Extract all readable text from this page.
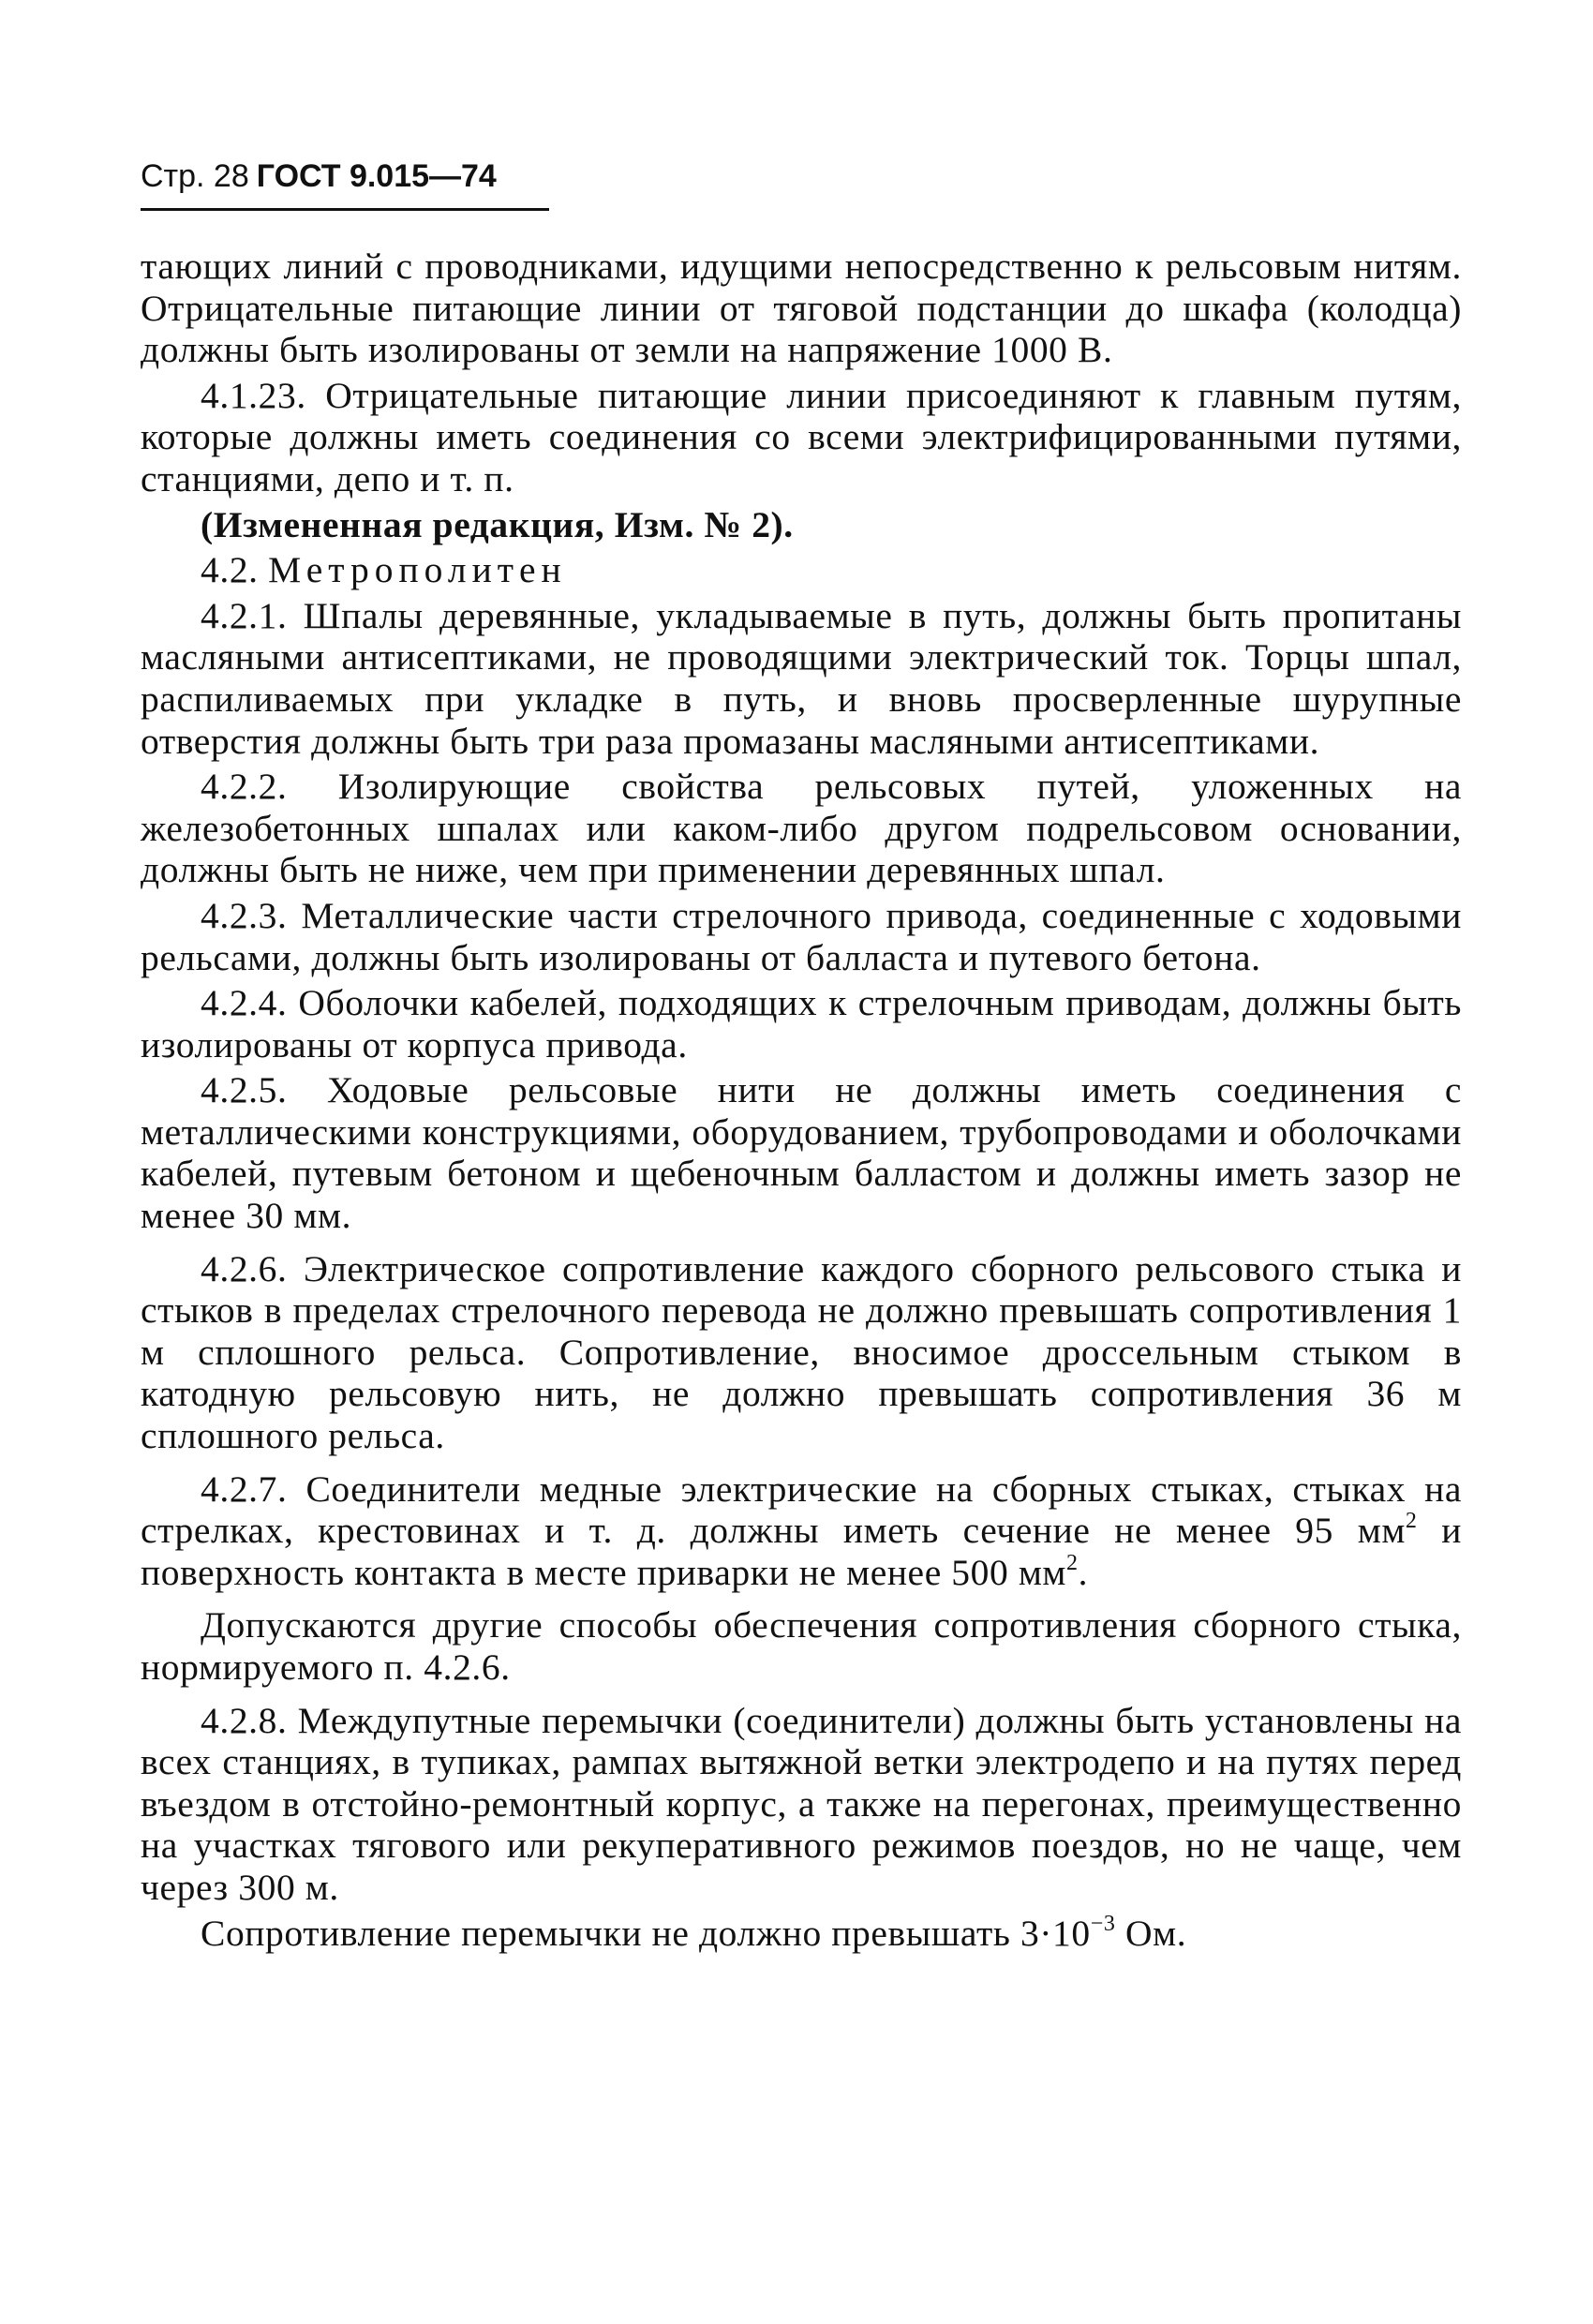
Стр. 28 ГОСТ 9.015—74

тающих линий с проводниками, идущими непосредственно к рельсовым нитям. Отрицательные питающие линии от тяговой подстанции до шкафа (колодца) должны быть изолированы от земли на напряжение 1000 В.

4.1.23. Отрицательные питающие линии присоединяют к главным путям, которые должны иметь соединения со всеми электрифицированными путями, станциями, депо и т. п.

(Измененная редакция, Изм. № 2).

4.2. Метрополитен

4.2.1. Шпалы деревянные, укладываемые в путь, должны быть пропитаны масляными антисептиками, не проводящими электрический ток. Торцы шпал, распиливаемых при укладке в путь, и вновь просверленные шурупные отверстия должны быть три раза промазаны масляными антисептиками.

4.2.2. Изолирующие свойства рельсовых путей, уложенных на железобетонных шпалах или каком-либо другом подрельсовом основании, должны быть не ниже, чем при применении деревянных шпал.

4.2.3. Металлические части стрелочного привода, соединенные с ходовыми рельсами, должны быть изолированы от балласта и путевого бетона.

4.2.4. Оболочки кабелей, подходящих к стрелочным приводам, должны быть изолированы от корпуса привода.

4.2.5. Ходовые рельсовые нити не должны иметь соединения с металлическими конструкциями, оборудованием, трубопроводами и оболочками кабелей, путевым бетоном и щебеночным балластом и должны иметь зазор не менее 30 мм.

4.2.6. Электрическое сопротивление каждого сборного рельсового стыка и стыков в пределах стрелочного перевода не должно превышать сопротивления 1 м сплошного рельса. Сопротивление, вносимое дроссельным стыком в катодную рельсовую нить, не должно превышать сопротивления 36 м сплошного рельса.

4.2.7. Соединители медные электрические на сборных стыках, стыках на стрелках, крестовинах и т. д. должны иметь сечение не менее 95 $мм^2$ и поверхность контакта в месте приварки не менее 500 $мм^2$.

Допускаются другие способы обеспечения сопротивления сборного стыка, нормируемого п. 4.2.6.

4.2.8. Междупутные перемычки (соединители) должны быть установлены на всех станциях, в тупиках, рампах вытяжной ветки электродепо и на путях перед въездом в отстойно-ремонтный корпус, а также на перегонах, преимущественно на участках тягового или рекуперативного режимов поездов, но не чаще, чем через 300 м.

Сопротивление перемычки не должно превышать $3\cdot 10^{-3}$ Ом.
